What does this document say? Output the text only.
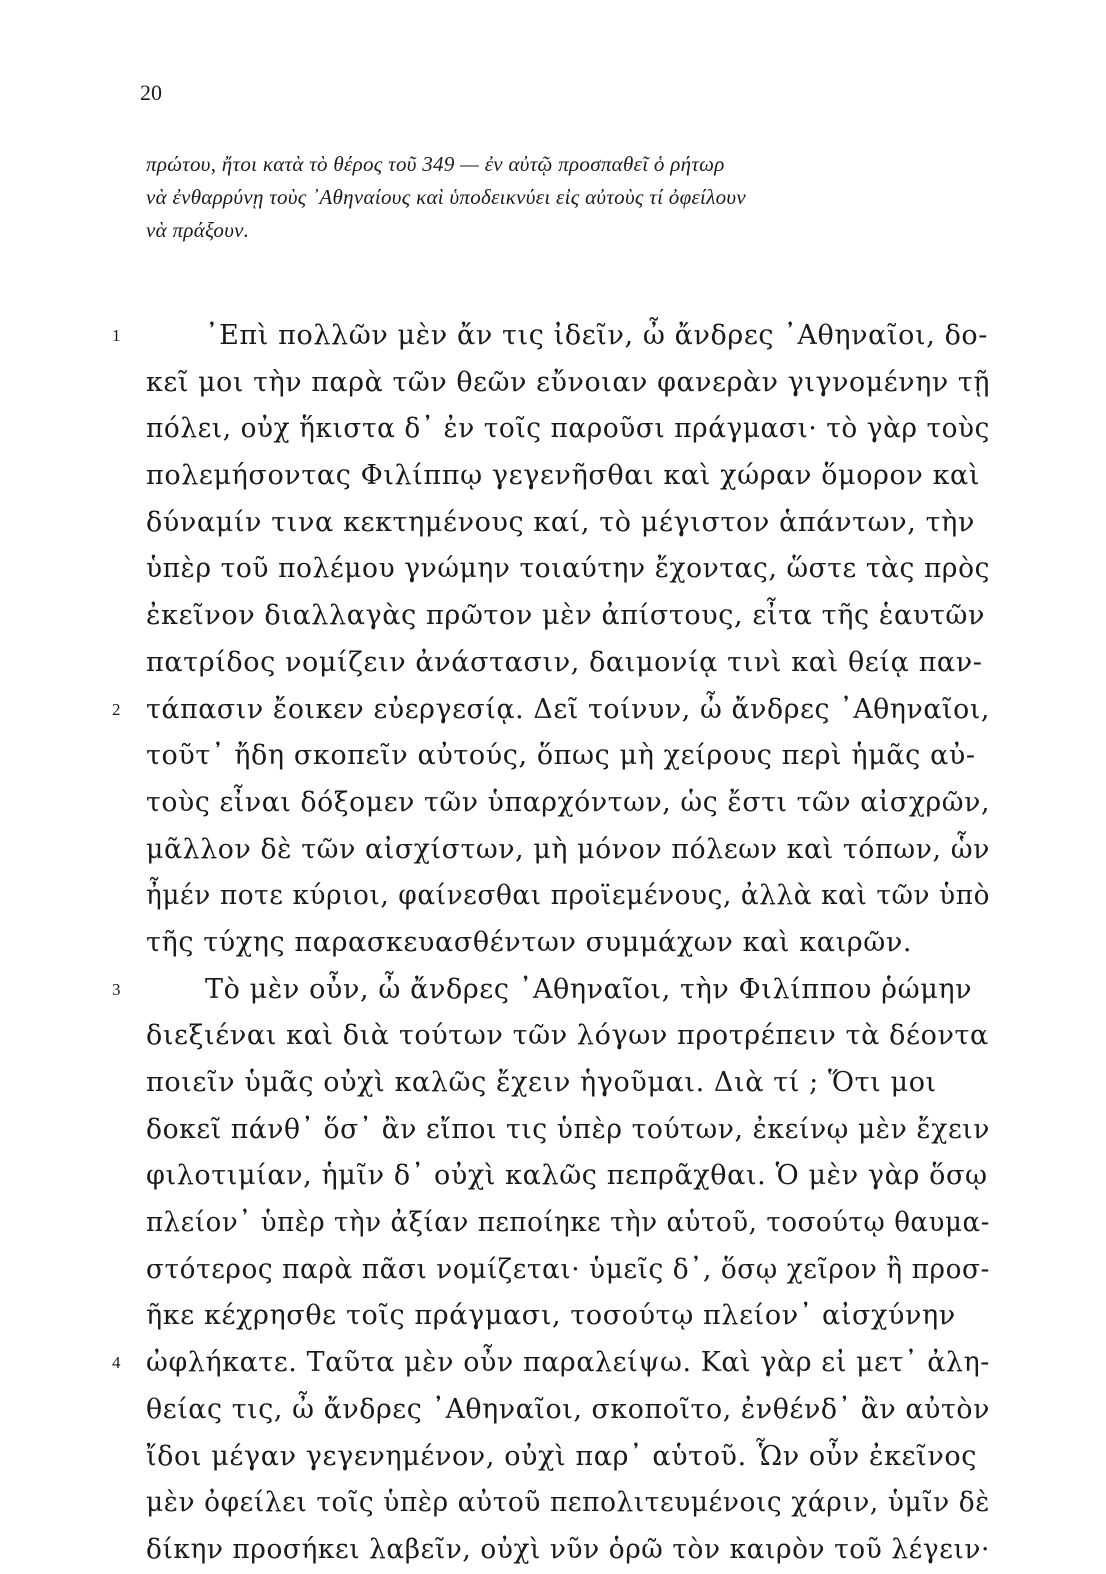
20
πρώτου, ἤτοι κατὰ τὸ θέρος τοῦ 349 — ἐν αὐτῷ προσπαθεῖ ὁ ρήτωρ
νὰ ἐνθαρρύνῃ τοὺς ᾿Αθηναίους καὶ ὑποδεικνύει εἰς αὐτοὺς τί ὀφείλουν
νὰ πράξουν.
1	᾿Επὶ πολλῶν μὲν ἄν τις ἰδεῖν, ὦ ἄνδρες ᾿Αθηναῖοι, δο-
κεῖ μοι τὴν παρὰ τῶν θεῶν εὔνοιαν φανερὰν γιγνομένην τῇ
πόλει, οὐχ ἥκιστα δ᾿ ἐν τοῖς παροῦσι πράγμασι· τὸ γὰρ τοὺς
πολεμήσοντας Φιλίππῳ γεγενῆσθαι καὶ χώραν ὅμορον καὶ
δύναμίν τινα κεκτημένους καί, τὸ μέγιστον ἁπάντων, τὴν
ὑπὲρ τοῦ πολέμου γνώμην τοιαύτην ἔχοντας, ὥστε τὰς πρὸς
ἐκεῖνον διαλλαγὰς πρῶτον μὲν ἀπίστους, εἶτα τῆς ἑαυτῶν
πατρίδος νομίζειν ἀνάστασιν, δαιμονίᾳ τινὶ καὶ θείᾳ παν-
2 τάπασιν ἔοικεν εὐεργεσίᾳ. Δεῖ τοίνυν, ὦ ἄνδρες ᾿Αθηναῖοι,
τοῦτ᾿ ἤδη σκοπεῖν αὐτούς, ὅπως μὴ χείρους περὶ ἡμᾶς αὐ-
τοὺς εἶναι δόξομεν τῶν ὑπαρχόντων, ὡς ἔστι τῶν αἰσχρῶν,
μᾶλλον δὲ τῶν αἰσχίστων, μὴ μόνον πόλεων καὶ τόπων, ὧν
ἦμέν ποτε κύριοι, φαίνεσθαι προϊεμένους, ἀλλὰ καὶ τῶν ὑπὸ
τῆς τύχης παρασκευασθέντων συμμάχων καὶ καιρῶν.
3	Τὸ μὲν οὖν, ὦ ἄνδρες ᾿Αθηναῖοι, τὴν Φιλίππου ῥώμην
διεξιέναι καὶ διὰ τούτων τῶν λόγων προτρέπειν τὰ δέοντα
ποιεῖν ὑμᾶς οὐχὶ καλῶς ἔχειν ἡγοῦμαι. Διὰ τί ; Ὅτι μοι
δοκεῖ πάνθ᾿ ὅσ᾿ ἂν εἴποι τις ὑπὲρ τούτων, ἐκείνῳ μὲν ἔχειν
φιλοτιμίαν, ἡμῖν δ᾿ οὐχὶ καλῶς πεπρᾶχθαι. Ὁ μὲν γὰρ ὅσῳ
πλείον᾿ ὑπὲρ τὴν ἀξίαν πεποίηκε τὴν αὑτοῦ, τοσούτῳ θαυμα-
στότερος παρὰ πᾶσι νομίζεται· ὑμεῖς δ᾿, ὅσῳ χεῖρον ἢ προσ-
ῆκε κέχρησθε τοῖς πράγμασι, τοσούτῳ πλείον᾿ αἰσχύνην
4 ὠφλήκατε. Ταῦτα μὲν οὖν παραλείψω. Καὶ γὰρ εἰ μετ᾿ ἀλη-
θείας τις, ὦ ἄνδρες ᾿Αθηναῖοι, σκοποῖτο, ἐνθένδ᾿ ἂν αὐτὸν
ἴδοι μέγαν γεγενημένον, οὐχὶ παρ᾿ αὑτοῦ. Ὧν οὖν ἐκεῖνος
μὲν ὀφείλει τοῖς ὑπὲρ αὐτοῦ πεπολιτευμένοις χάριν, ὑμῖν δὲ
δίκην προσήκει λαβεῖν, οὐχὶ νῦν ὁρῶ τὸν καιρὸν τοῦ λέγειν·
